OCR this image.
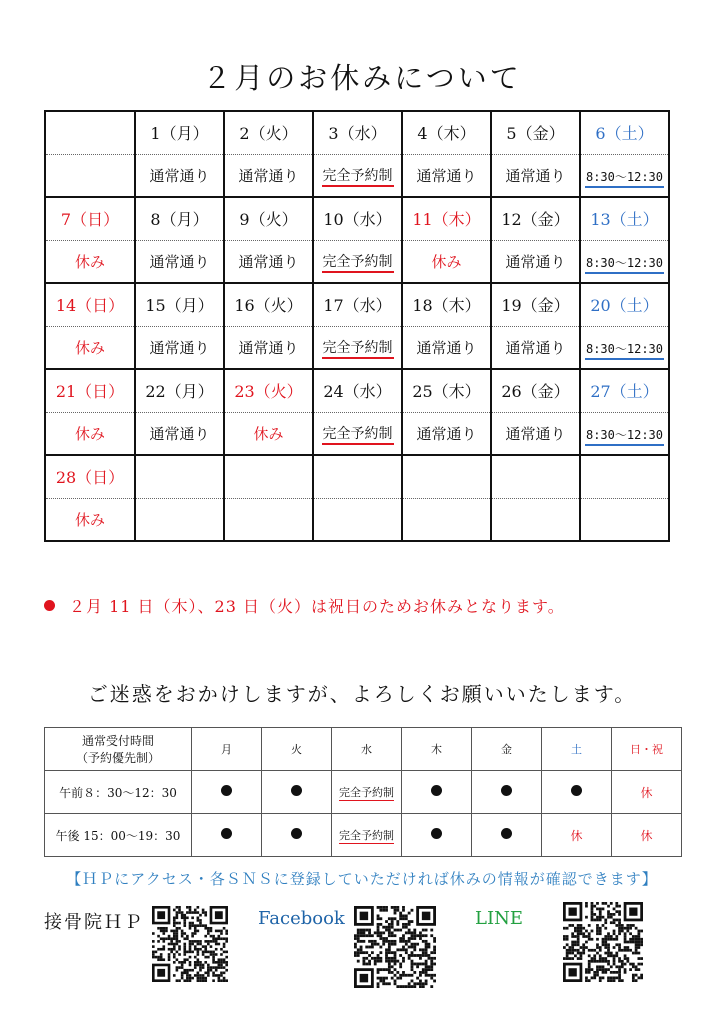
２月のお休みについて
	1（月）	2（火）	3（水）	4（木）	5（金）	6（土）
	通常通り	通常通り	完全予約制	通常通り	通常通り	8:30〜12:30
7（日）	8（月）	9（火）	10（水）	11（木）	12（金）	13（土）
休み	通常通り	通常通り	完全予約制	休み	通常通り	8:30〜12:30
14（日）	15（月）	16（火）	17（水）	18（木）	19（金）	20（土）
休み	通常通り	通常通り	完全予約制	通常通り	通常通り	8:30〜12:30
21（日）	22（月）	23（火）	24（水）	25（木）	26（金）	27（土）
休み	通常通り	休み	完全予約制	通常通り	通常通り	8:30〜12:30
28（日）						
休み						
２月 11 日（木）、23 日（火）は祝日のためお休みとなります。
ご迷惑をおかけしますが、よろしくお願いいたします。
通常受付時間
（予約優先制）	月	火	水	木	金	土	日・祝
午前８：30〜12：30			完全予約制				休
午後 15：00〜19：30			完全予約制			休	休
【ＨＰにアクセス・各ＳＮＳに登録していただければ休みの情報が確認できます】
接骨院ＨＰ	Facebook	LINE
